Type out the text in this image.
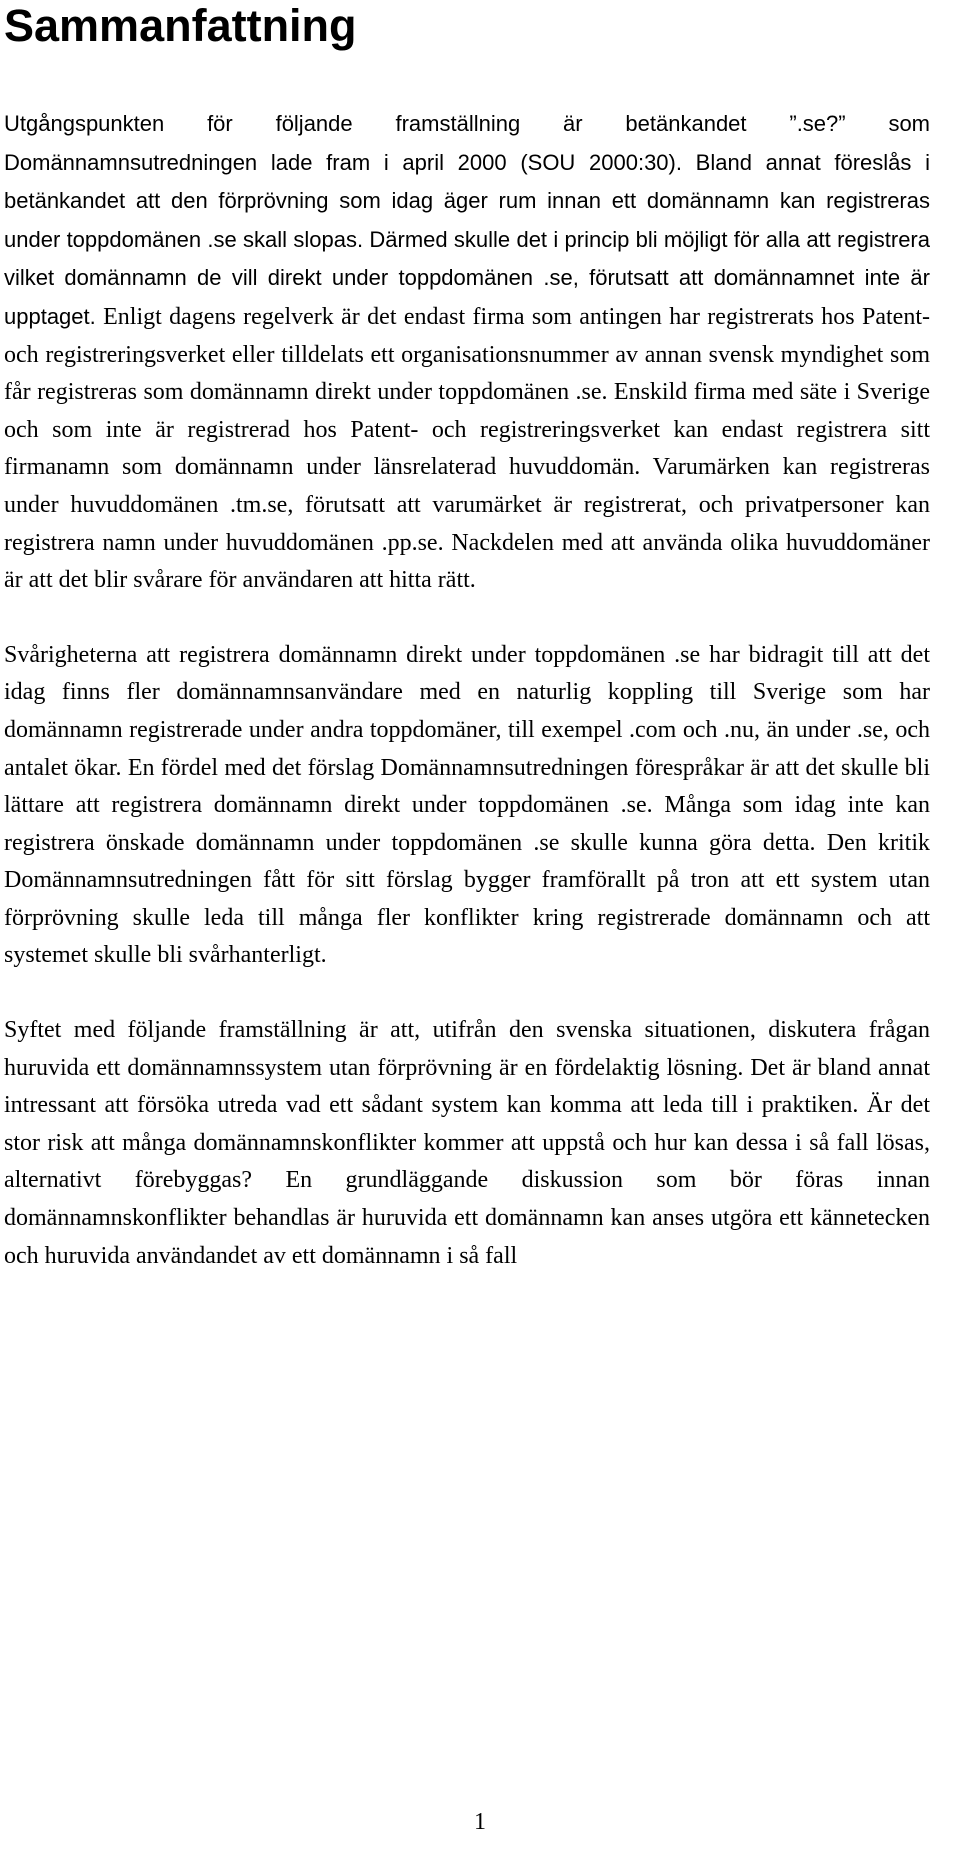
Sammanfattning

Utgångspunkten för följande framställning är betänkandet ”.se?” som Domännamnsutredningen lade fram i april 2000 (SOU 2000:30). Bland annat föreslås i betänkandet att den förprövning som idag äger rum innan ett domännamn kan registreras under toppdomänen .se skall slopas. Därmed skulle det i princip bli möjligt för alla att registrera vilket domännamn de vill direkt under toppdomänen .se, förutsatt att domännamnet inte är upptaget. Enligt dagens regelverk är det endast firma som antingen har registrerats hos Patent- och registreringsverket eller tilldelats ett organisationsnummer av annan svensk myndighet som får registreras som domännamn direkt under toppdomänen .se. Enskild firma med säte i Sverige och som inte är registrerad hos Patent- och registreringsverket kan endast registrera sitt firmanamn som domännamn under länsrelaterad huvuddomän. Varumärken kan registreras under huvuddomänen .tm.se, förutsatt att varumärket är registrerat, och privatpersoner kan registrera namn under huvuddomänen .pp.se. Nackdelen med att använda olika huvuddomäner är att det blir svårare för användaren att hitta rätt.

Svårigheterna att registrera domännamn direkt under toppdomänen .se har bidragit till att det idag finns fler domännamnsanvändare med en naturlig koppling till Sverige som har domännamn registrerade under andra toppdomäner, till exempel .com och .nu, än under .se, och antalet ökar. En fördel med det förslag Domännamnsutredningen förespråkar är att det skulle bli lättare att registrera domännamn direkt under toppdomänen .se. Många som idag inte kan registrera önskade domännamn under toppdomänen .se skulle kunna göra detta. Den kritik Domännamnsutredningen fått för sitt förslag bygger framförallt på tron att ett system utan förprövning skulle leda till många fler konflikter kring registrerade domännamn och att systemet skulle bli svårhanterligt.

Syftet med följande framställning är att, utifrån den svenska situationen, diskutera frågan huruvida ett domännamnssystem utan förprövning är en fördelaktig lösning. Det är bland annat intressant att försöka utreda vad ett sådant system kan komma att leda till i praktiken. Är det stor risk att många domännamnskonflikter kommer att uppstå och hur kan dessa i så fall lösas, alternativt förebyggas? En grundläggande diskussion som bör föras innan domännamnskonflikter behandlas är huruvida ett domännamn kan anses utgöra ett kännetecken och huruvida användandet av ett domännamn i så fall

1
